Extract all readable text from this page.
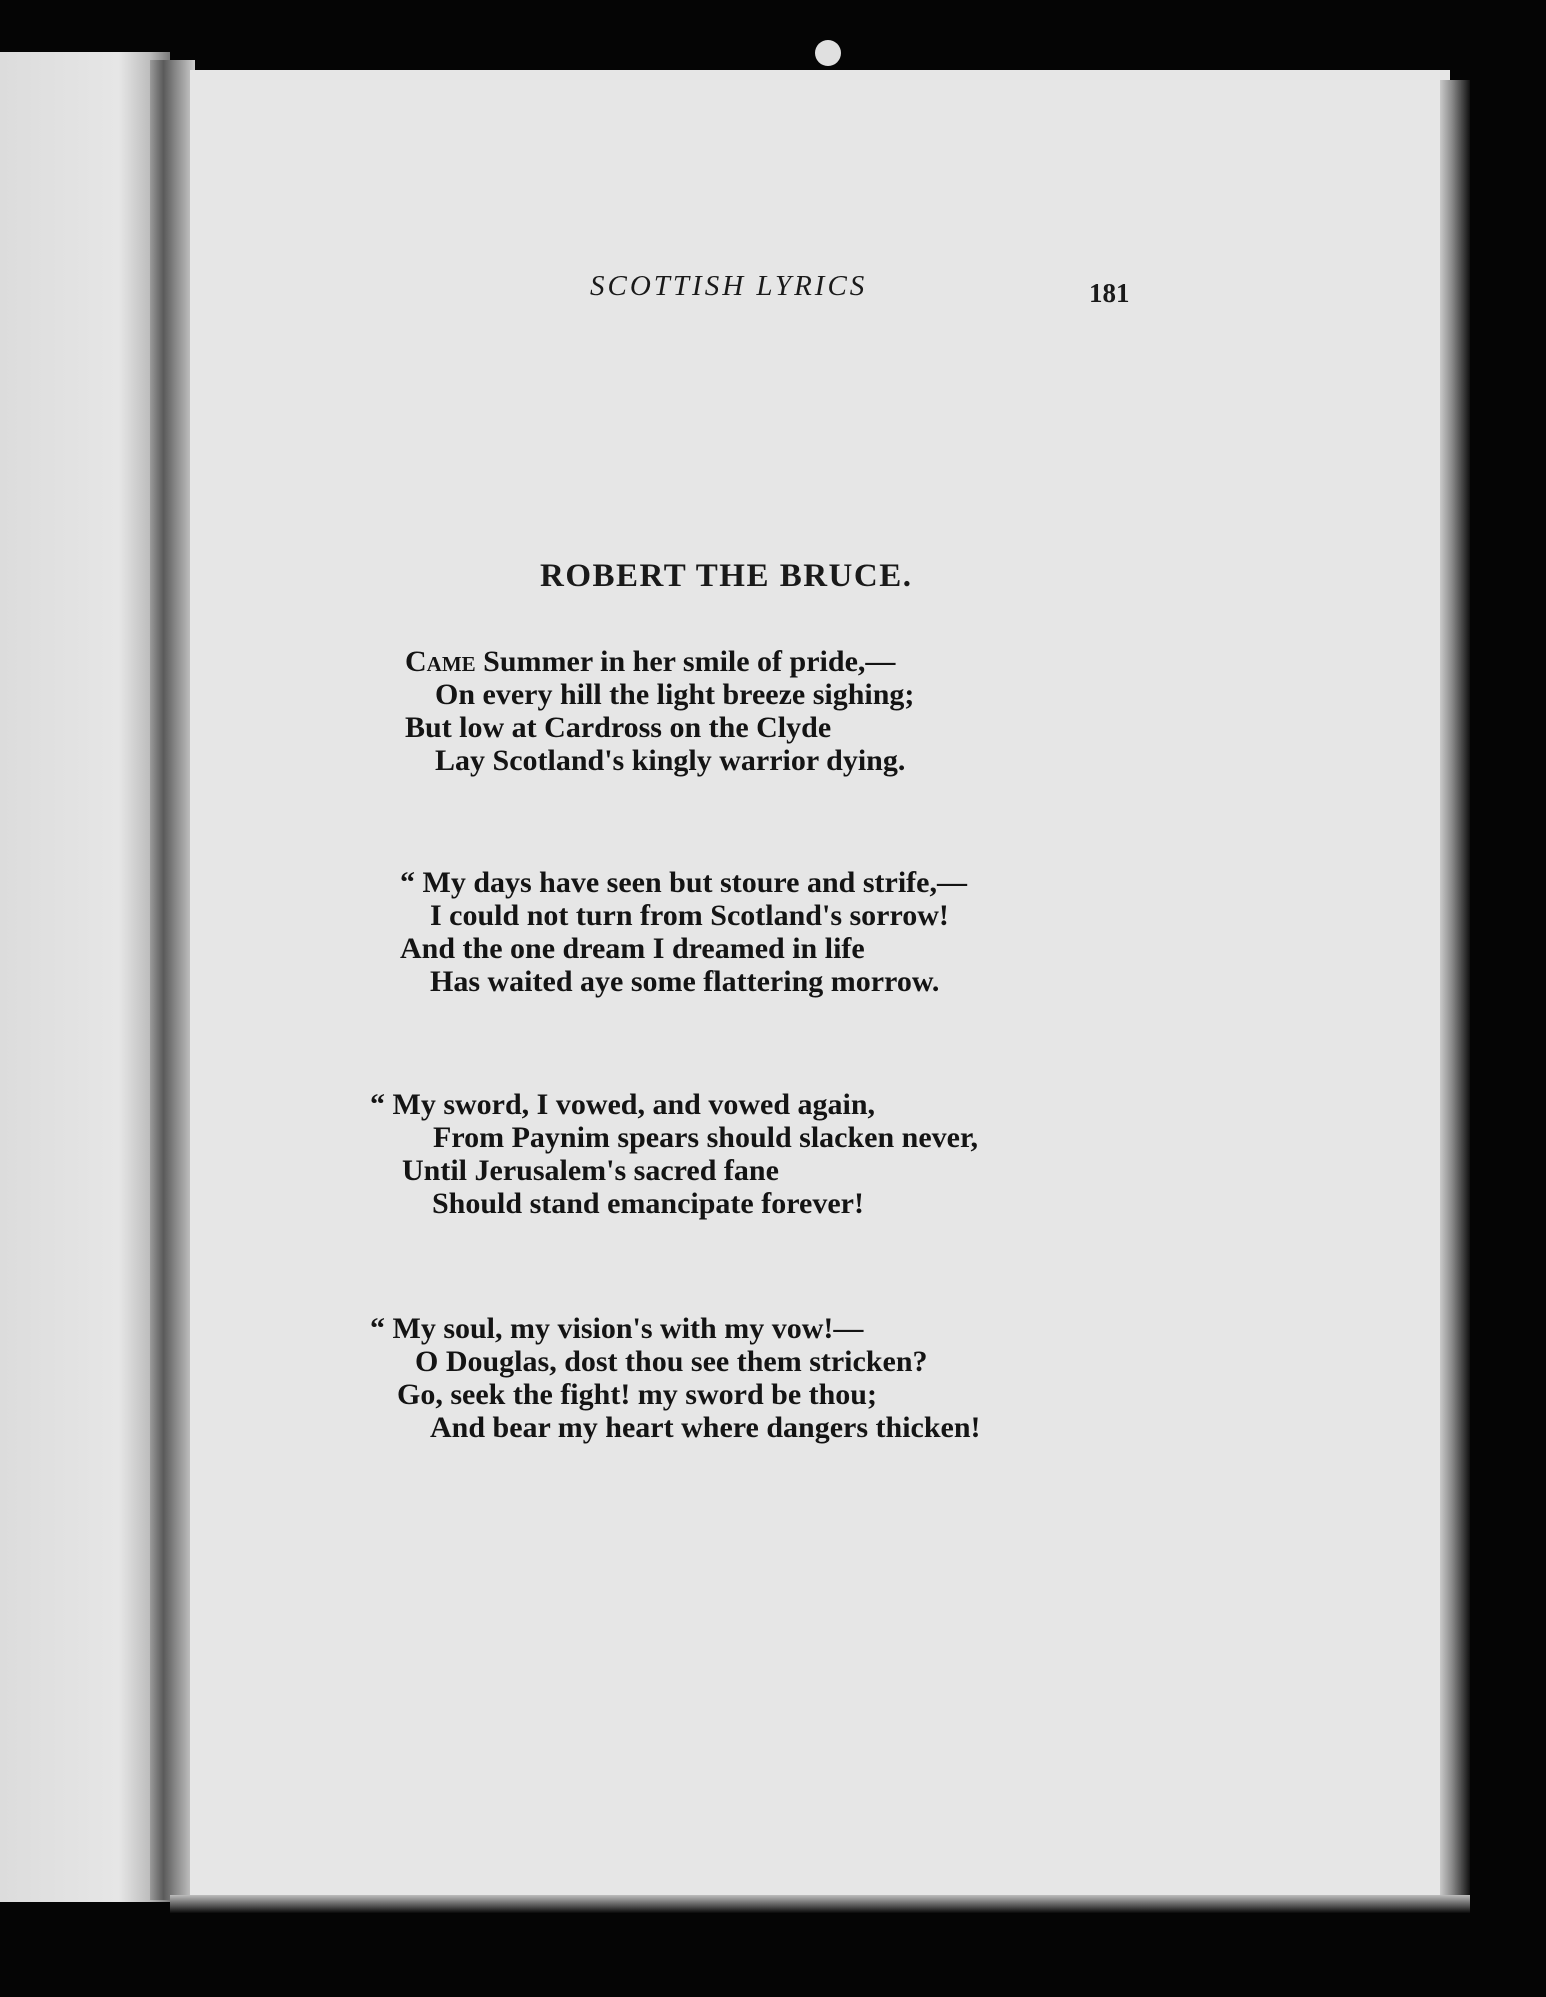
SCOTTISH LYRICS	181
ROBERT THE BRUCE.
Came Summer in her smile of pride,—
On every hill the light breeze sighing;
But low at Cardross on the Clyde
Lay Scotland's kingly warrior dying.
“ My days have seen but stoure and strife,—
I could not turn from Scotland's sorrow!
And the one dream I dreamed in life
Has waited aye some flattering morrow.
“ My sword, I vowed, and vowed again,
From Paynim spears should slacken never,
Until Jerusalem's sacred fane
Should stand emancipate forever!
“ My soul, my vision's with my vow!—
O Douglas, dost thou see them stricken?
Go, seek the fight! my sword be thou;
And bear my heart where dangers thicken!
